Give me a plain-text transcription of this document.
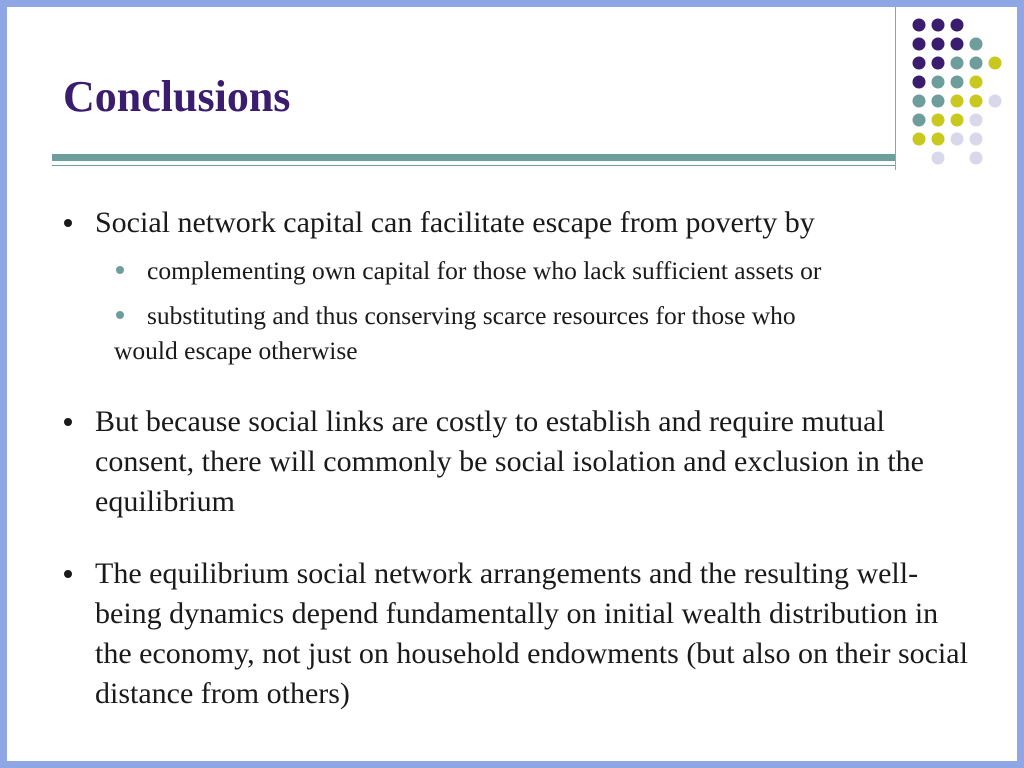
Conclusions
Social network capital can facilitate escape from poverty by
complementing own capital for those who lack sufficient assets or
substituting and thus conserving scarce resources for those who
would escape otherwise
But because social links are costly to establish and require mutual consent, there will commonly be social isolation and exclusion in the equilibrium
The equilibrium social network arrangements and the resulting well-being dynamics depend fundamentally on initial wealth distribution in the economy, not just on household endowments (but also on their social distance from others)
